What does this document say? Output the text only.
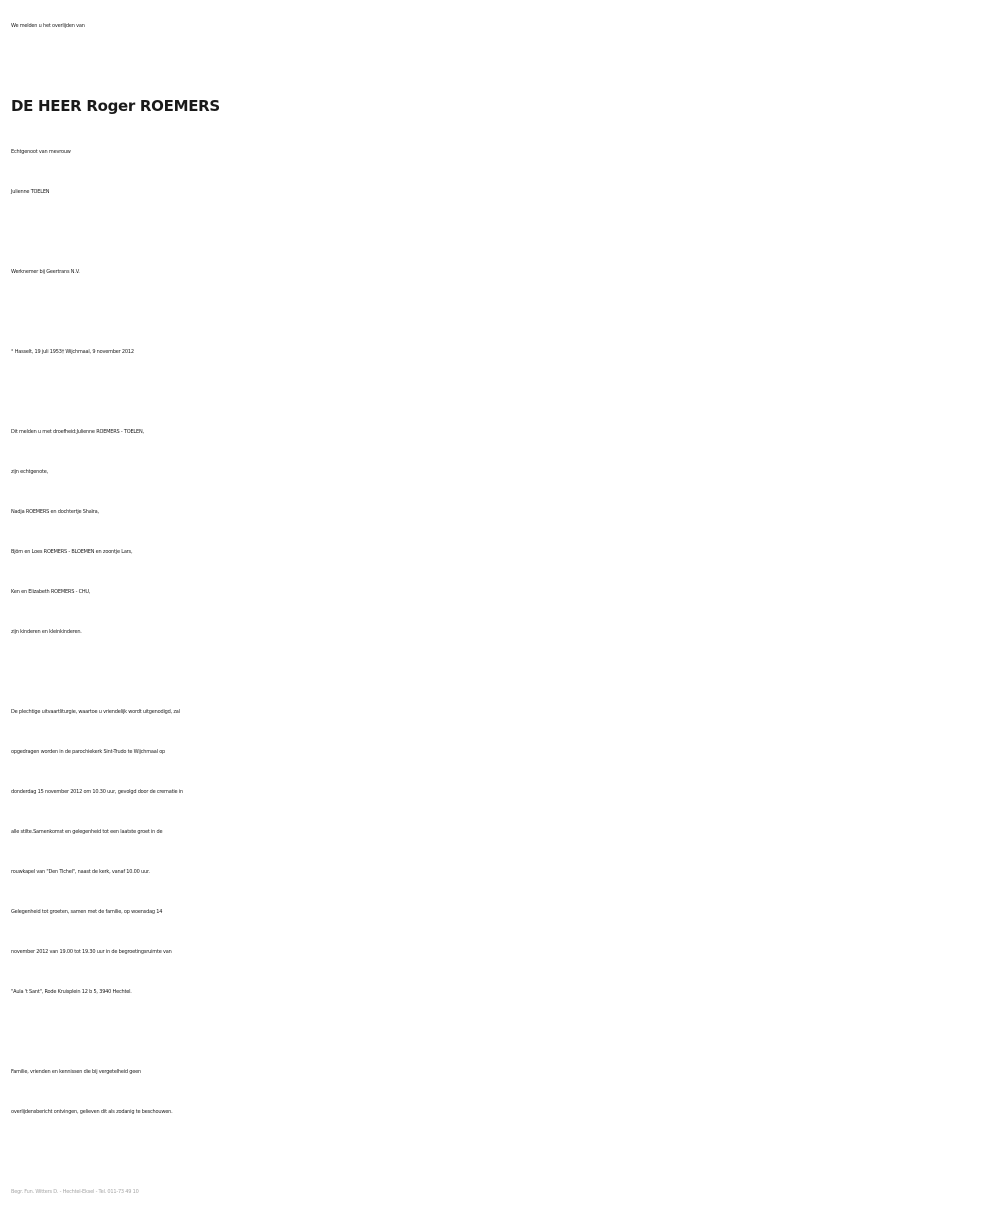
We melden u het overlijden van
DE HEER Roger ROEMERS
Echtgenoot van mevrouw
Julienne TOELEN
Werknemer bij Geertrans N.V.
° Hasselt, 19 juli 1953† Wijchmaal, 9 november 2012
Dit melden u met droefheid:Julienne ROEMERS - TOELEN,
zijn echtgenote,
Nadja ROEMERS en dochtertje Shaïra,
Björn en Loes ROEMERS - BLOEMEN en zoontje Lars,
Ken en Elizabeth ROEMERS - CHU,
zijn kinderen en kleinkinderen.
De plechtige uitvaartliturgie, waartoe u vriendelijk wordt uitgenodigd, zal
opgedragen worden in de parochiekerk Sint-Trudo te Wijchmaal op
donderdag 15 november 2012 om 10.30 uur, gevolgd door de crematie in
alle stilte.Samenkomst en gelegenheid tot een laatste groet in de
rouwkapel van "Den Tichel", naast de kerk, vanaf 10.00 uur.
Gelegenheid tot groeten, samen met de familie, op woensdag 14
november 2012 van 19.00 tot 19.30 uur in de begroetingsruimte van
"Aula 't Sant", Rode Kruisplein 12 b 5, 3940 Hechtel.
Familie, vrienden en kennissen die bij vergetelheid geen
overlijdensbericht ontvingen, gelieven dit als zodanig te beschouwen.
Begr. Fun. Witters D. - Hechtel-Eksel - Tel. 011-73 49 10
